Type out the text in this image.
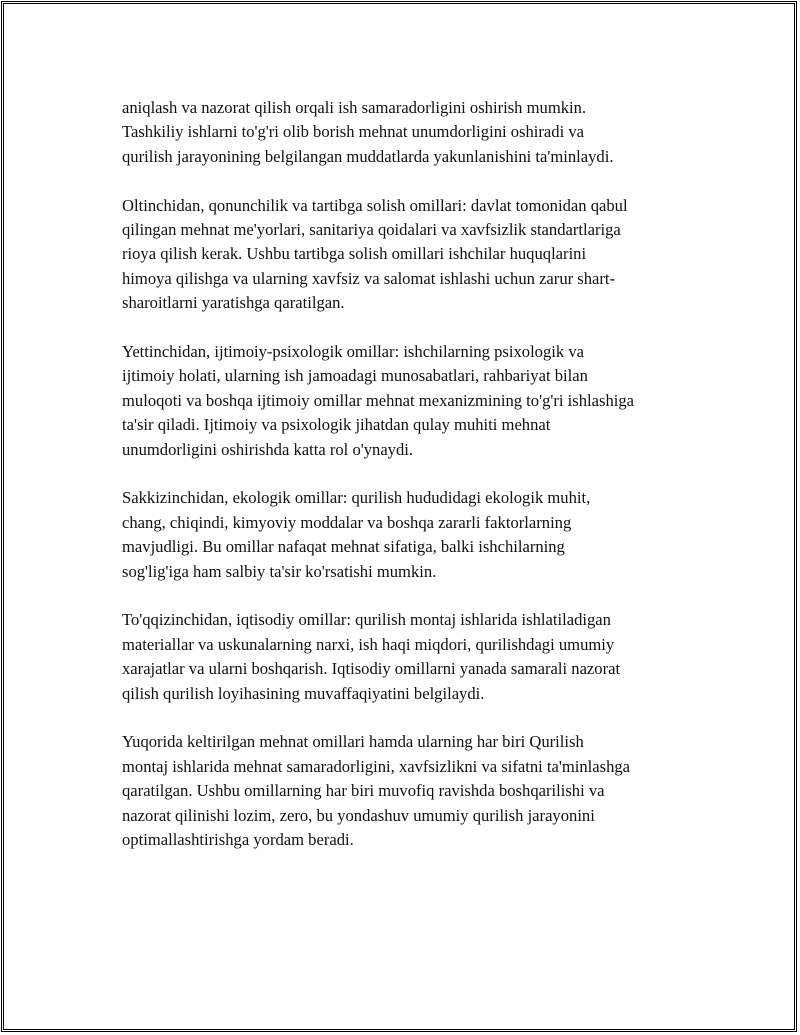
aniqlash va nazorat qilish orqali ish samaradorligini oshirish mumkin.
Tashkiliy ishlarni to'g'ri olib borish mehnat unumdorligini oshiradi va
qurilish jarayonining belgilangan muddatlarda yakunlanishini ta'minlaydi.

Oltinchidan, qonunchilik va tartibga solish omillari: davlat tomonidan qabul
qilingan mehnat me'yorlari, sanitariya qoidalari va xavfsizlik standartlariga
rioya qilish kerak. Ushbu tartibga solish omillari ishchilar huquqlarini
himoya qilishga va ularning xavfsiz va salomat ishlashi uchun zarur shart-
sharoitlarni yaratishga qaratilgan.

Yettinchidan, ijtimoiy-psixologik omillar: ishchilarning psixologik va
ijtimoiy holati, ularning ish jamoadagi munosabatlari, rahbariyat bilan
muloqoti va boshqa ijtimoiy omillar mehnat mexanizmining to'g'ri ishlashiga
ta'sir qiladi. Ijtimoiy va psixologik jihatdan qulay muhiti mehnat
unumdorligini oshirishda katta rol o'ynaydi.

Sakkizinchidan, ekologik omillar: qurilish hududidagi ekologik muhit,
chang, chiqindi, kimyoviy moddalar va boshqa zararli faktorlarning
mavjudligi. Bu omillar nafaqat mehnat sifatiga, balki ishchilarning
sog'lig'iga ham salbiy ta'sir ko'rsatishi mumkin.

To'qqizinchidan, iqtisodiy omillar: qurilish montaj ishlarida ishlatiladigan
materiallar va uskunalarning narxi, ish haqi miqdori, qurilishdagi umumiy
xarajatlar va ularni boshqarish. Iqtisodiy omillarni yanada samarali nazorat
qilish qurilish loyihasining muvaffaqiyatini belgilaydi.

Yuqorida keltirilgan mehnat omillari hamda ularning har biri Qurilish
montaj ishlarida mehnat samaradorligini, xavfsizlikni va sifatni ta'minlashga
qaratilgan. Ushbu omillarning har biri muvofiq ravishda boshqarilishi va
nazorat qilinishi lozim, zero, bu yondashuv umumiy qurilish jarayonini
optimallashtirishga yordam beradi.
